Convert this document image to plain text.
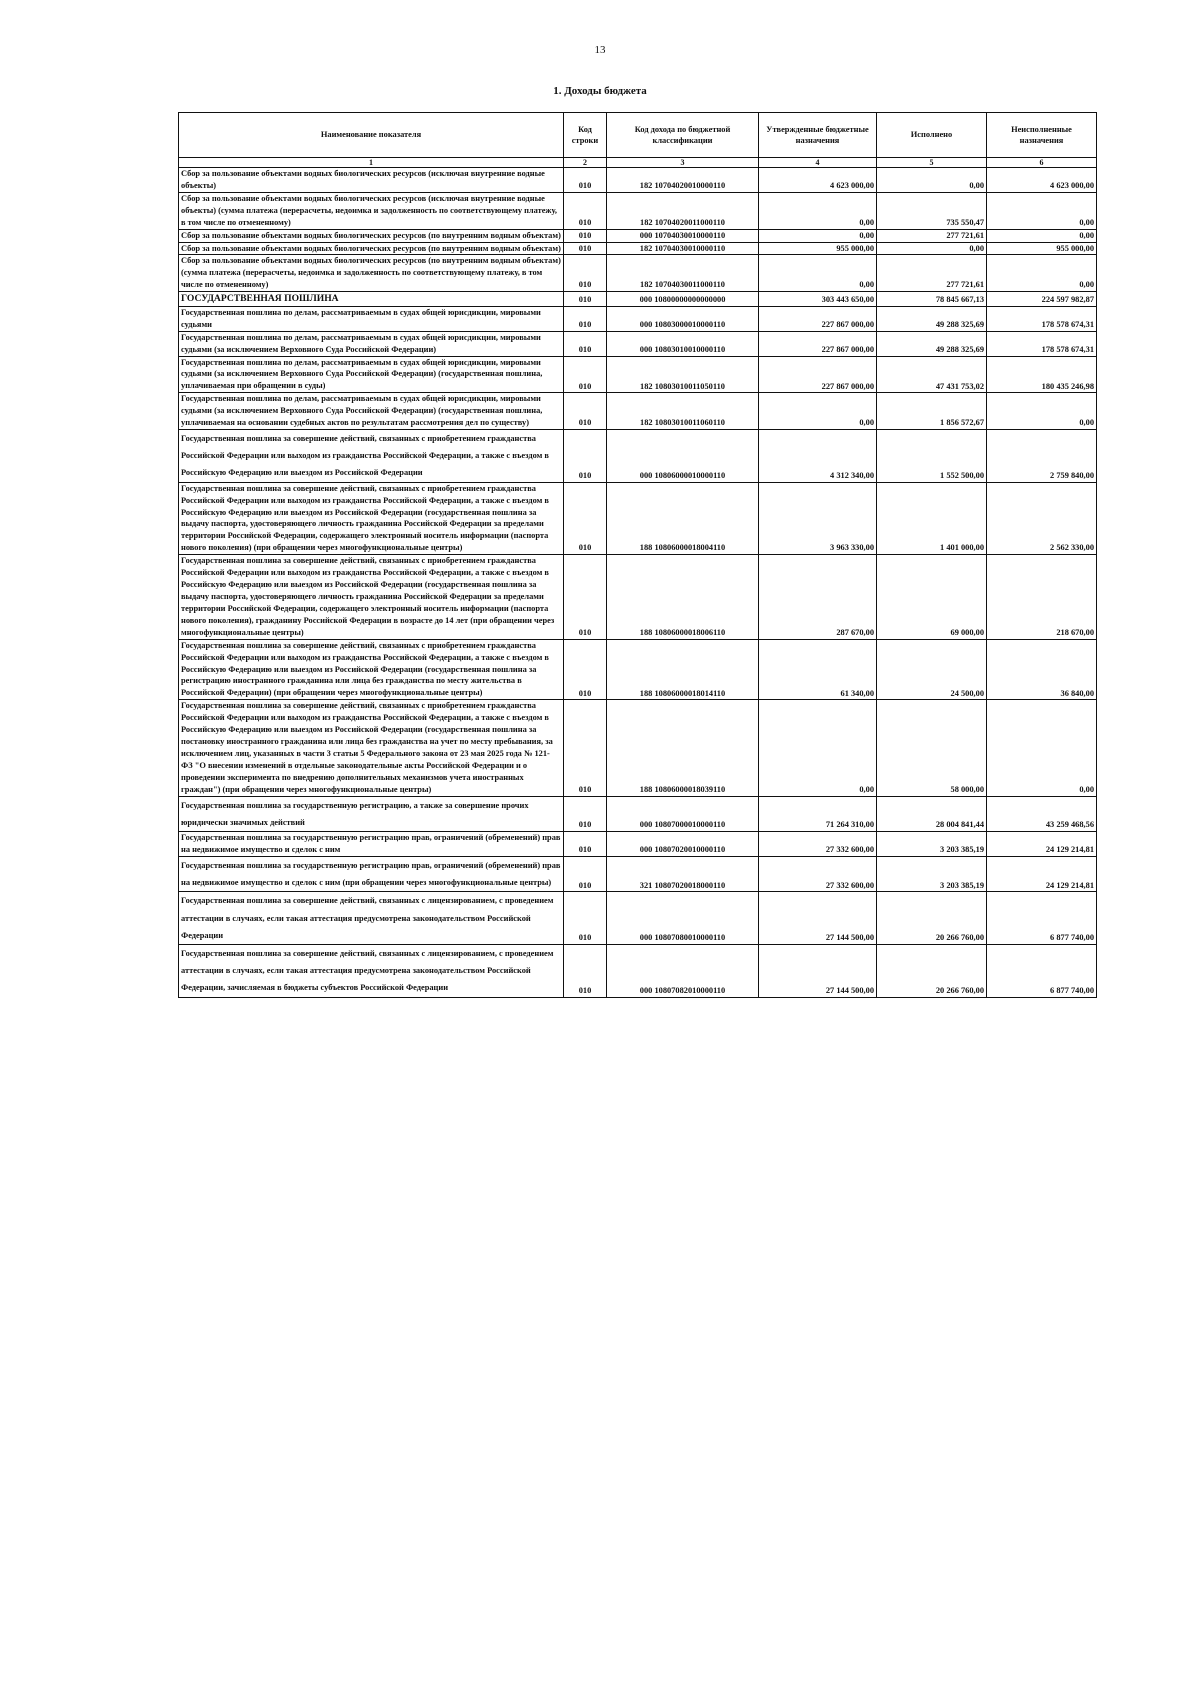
13
1. Доходы бюджета
Наименование показателя	Код строки	Код дохода по бюджетной классификации	Утвержденные бюджетные назначения	Исполнено	Неисполненные назначения
1	2	3	4	5	6
Сбор за пользование объектами водных биологических ресурсов (исключая внутренние водные объекты)	010	182 10704020010000110	4 623 000,00	0,00	4 623 000,00
Сбор за пользование объектами водных биологических ресурсов (исключая внутренние водные объекты) (сумма платежа (перерасчеты, недоимка и задолженность по соответствующему платежу, в том числе по отмененному)	010	182 10704020011000110	0,00	735 550,47	0,00
Сбор за пользование объектами водных биологических ресурсов (по внутренним водным объектам)	010	000 10704030010000110	0,00	277 721,61	0,00
Сбор за пользование объектами водных биологических ресурсов (по внутренним водным объектам)	010	182 10704030010000110	955 000,00	0,00	955 000,00
Сбор за пользование объектами водных биологических ресурсов (по внутренним водным объектам) (сумма платежа (перерасчеты, недоимка и задолженность по соответствующему платежу, в том числе по отмененному)	010	182 10704030011000110	0,00	277 721,61	0,00
ГОСУДАРСТВЕННАЯ ПОШЛИНА	010	000 10800000000000000	303 443 650,00	78 845 667,13	224 597 982,87
Государственная пошлина по делам, рассматриваемым в судах общей юрисдикции, мировыми судьями	010	000 10803000010000110	227 867 000,00	49 288 325,69	178 578 674,31
Государственная пошлина по делам, рассматриваемым в судах общей юрисдикции, мировыми судьями (за исключением Верховного Суда Российской Федерации)	010	000 10803010010000110	227 867 000,00	49 288 325,69	178 578 674,31
Государственная пошлина по делам, рассматриваемым в судах общей юрисдикции, мировыми судьями (за исключением Верховного Суда Российской Федерации) (государственная пошлина, уплачиваемая при обращении в суды)	010	182 10803010011050110	227 867 000,00	47 431 753,02	180 435 246,98
Государственная пошлина по делам, рассматриваемым в судах общей юрисдикции, мировыми судьями (за исключением Верховного Суда Российской Федерации) (государственная пошлина, уплачиваемая на основании судебных актов по результатам рассмотрения дел по существу)	010	182 10803010011060110	0,00	1 856 572,67	0,00
Государственная пошлина за совершение действий, связанных с приобретением гражданства Российской Федерации или выходом из гражданства Российской Федерации, а также с въездом в Российскую Федерацию или выездом из Российской Федерации	010	000 10806000010000110	4 312 340,00	1 552 500,00	2 759 840,00
Государственная пошлина за совершение действий, связанных с приобретением гражданства Российской Федерации или выходом из гражданства Российской Федерации, а также с въездом в Российскую Федерацию или выездом из Российской Федерации (государственная пошлина за выдачу паспорта, удостоверяющего личность гражданина Российской Федерации за пределами территории Российской Федерации, содержащего электронный носитель информации (паспорта нового поколения) (при обращении через многофункциональные центры)	010	188 10806000018004110	3 963 330,00	1 401 000,00	2 562 330,00
Государственная пошлина за совершение действий, связанных с приобретением гражданства Российской Федерации или выходом из гражданства Российской Федерации, а также с въездом в Российскую Федерацию или выездом из Российской Федерации (государственная пошлина за выдачу паспорта, удостоверяющего личность гражданина Российской Федерации за пределами территории Российской Федерации, содержащего электронный носитель информации (паспорта нового поколения), гражданину Российской Федерации в возрасте до 14 лет (при обращении через многофункциональные центры)	010	188 10806000018006110	287 670,00	69 000,00	218 670,00
Государственная пошлина за совершение действий, связанных с приобретением гражданства Российской Федерации или выходом из гражданства Российской Федерации, а также с въездом в Российскую Федерацию или выездом из Российской Федерации (государственная пошлина за регистрацию иностранного гражданина или лица без гражданства по месту жительства в Российской Федерации) (при обращении через многофункциональные центры)	010	188 10806000018014110	61 340,00	24 500,00	36 840,00
Государственная пошлина за совершение действий, связанных с приобретением гражданства Российской Федерации или выходом из гражданства Российской Федерации, а также с въездом в Российскую Федерацию или выездом из Российской Федерации (государственная пошлина за постановку иностранного гражданина или лица без гражданства на учет по месту пребывания, за исключением лиц, указанных в части 3 статьи 5 Федерального закона от 23 мая 2025 года № 121-ФЗ "О внесении изменений в отдельные законодательные акты Российской Федерации и о проведении эксперимента по внедрению дополнительных механизмов учета иностранных граждан") (при обращении через многофункциональные центры)	010	188 10806000018039110	0,00	58 000,00	0,00
Государственная пошлина за государственную регистрацию, а также за совершение прочих юридически значимых действий	010	000 10807000010000110	71 264 310,00	28 004 841,44	43 259 468,56
Государственная пошлина за государственную регистрацию прав, ограничений (обременений) прав на недвижимое имущество и сделок с ним	010	000 10807020010000110	27 332 600,00	3 203 385,19	24 129 214,81
Государственная пошлина за государственную регистрацию прав, ограничений (обременений) прав на недвижимое имущество и сделок с ним (при обращении через многофункциональные центры)	010	321 10807020018000110	27 332 600,00	3 203 385,19	24 129 214,81
Государственная пошлина за совершение действий, связанных с лицензированием, с проведением аттестации в случаях, если такая аттестация предусмотрена законодательством Российской Федерации	010	000 10807080010000110	27 144 500,00	20 266 760,00	6 877 740,00
Государственная пошлина за совершение действий, связанных с лицензированием, с проведением аттестации в случаях, если такая аттестация предусмотрена законодательством Российской Федерации, зачисляемая в бюджеты субъектов Российской Федерации	010	000 10807082010000110	27 144 500,00	20 266 760,00	6 877 740,00
